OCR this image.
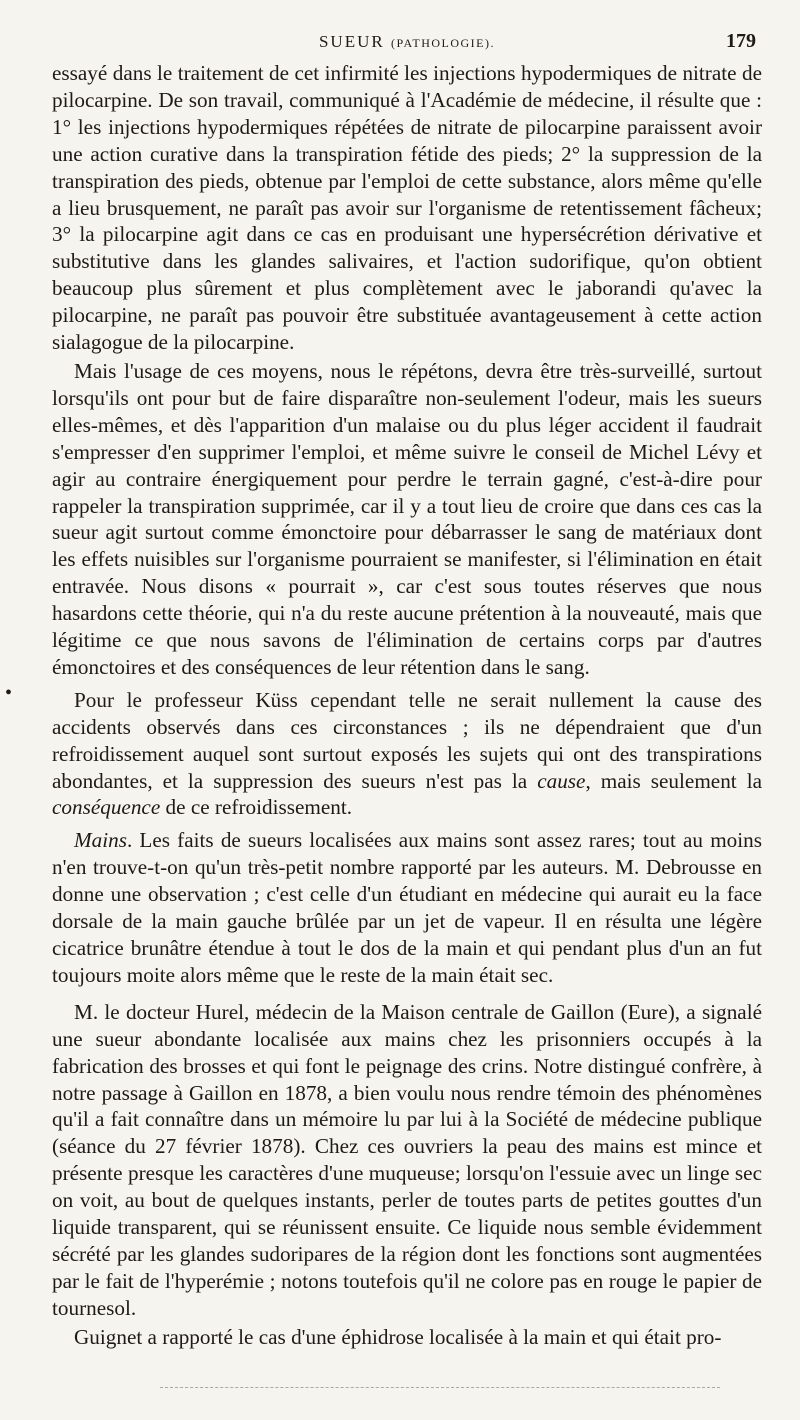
SUEUR (PATHOLOGIE).	179

essayé dans le traitement de cet infirmité les injections hypodermiques de nitrate de pilocarpine. De son travail, communiqué à l'Académie de médecine, il résulte que : 1° les injections hypodermiques répétées de nitrate de pilocarpine paraissent avoir une action curative dans la transpiration fétide des pieds; 2° la suppression de la transpiration des pieds, obtenue par l'emploi de cette substance, alors même qu'elle a lieu brusquement, ne paraît pas avoir sur l'organisme de retentissement fâcheux; 3° la pilocarpine agit dans ce cas en produisant une hypersécrétion dérivative et substitutive dans les glandes salivaires, et l'action sudorifique, qu'on obtient beaucoup plus sûrement et plus complètement avec le jaborandi qu'avec la pilocarpine, ne paraît pas pouvoir être substituée avantageusement à cette action sialagogue de la pilocarpine.

Mais l'usage de ces moyens, nous le répétons, devra être très-surveillé, surtout lorsqu'ils ont pour but de faire disparaître non-seulement l'odeur, mais les sueurs elles-mêmes, et dès l'apparition d'un malaise ou du plus léger accident il faudrait s'empresser d'en supprimer l'emploi, et même suivre le conseil de Michel Lévy et agir au contraire énergiquement pour perdre le terrain gagné, c'est-à-dire pour rappeler la transpiration supprimée, car il y a tout lieu de croire que dans ces cas la sueur agit surtout comme émonctoire pour débarrasser le sang de matériaux dont les effets nuisibles sur l'organisme pourraient se manifester, si l'élimination en était entravée. Nous disons « pourrait », car c'est sous toutes réserves que nous hasardons cette théorie, qui n'a du reste aucune prétention à la nouveauté, mais que légitime ce que nous savons de l'élimination de certains corps par d'autres émonctoires et des conséquences de leur rétention dans le sang.

Pour le professeur Küss cependant telle ne serait nullement la cause des accidents observés dans ces circonstances ; ils ne dépendraient que d'un refroidissement auquel sont surtout exposés les sujets qui ont des transpirations abondantes, et la suppression des sueurs n'est pas la cause, mais seulement la conséquence de ce refroidissement.

Mains. Les faits de sueurs localisées aux mains sont assez rares; tout au moins n'en trouve-t-on qu'un très-petit nombre rapporté par les auteurs. M. Debrousse en donne une observation ; c'est celle d'un étudiant en médecine qui aurait eu la face dorsale de la main gauche brûlée par un jet de vapeur. Il en résulta une légère cicatrice brunâtre étendue à tout le dos de la main et qui pendant plus d'un an fut toujours moite alors même que le reste de la main était sec.

M. le docteur Hurel, médecin de la Maison centrale de Gaillon (Eure), a signalé une sueur abondante localisée aux mains chez les prisonniers occupés à la fabrication des brosses et qui font le peignage des crins. Notre distingué confrère, à notre passage à Gaillon en 1878, a bien voulu nous rendre témoin des phénomènes qu'il a fait connaître dans un mémoire lu par lui à la Société de médecine publique (séance du 27 février 1878). Chez ces ouvriers la peau des mains est mince et présente presque les caractères d'une muqueuse; lorsqu'on l'essuie avec un linge sec on voit, au bout de quelques instants, perler de toutes parts de petites gouttes d'un liquide transparent, qui se réunissent ensuite. Ce liquide nous semble évidemment sécrété par les glandes sudoripares de la région dont les fonctions sont augmentées par le fait de l'hyperémie ; notons toutefois qu'il ne colore pas en rouge le papier de tournesol.

Guignet a rapporté le cas d'une éphidrose localisée à la main et qui était pro-

•
